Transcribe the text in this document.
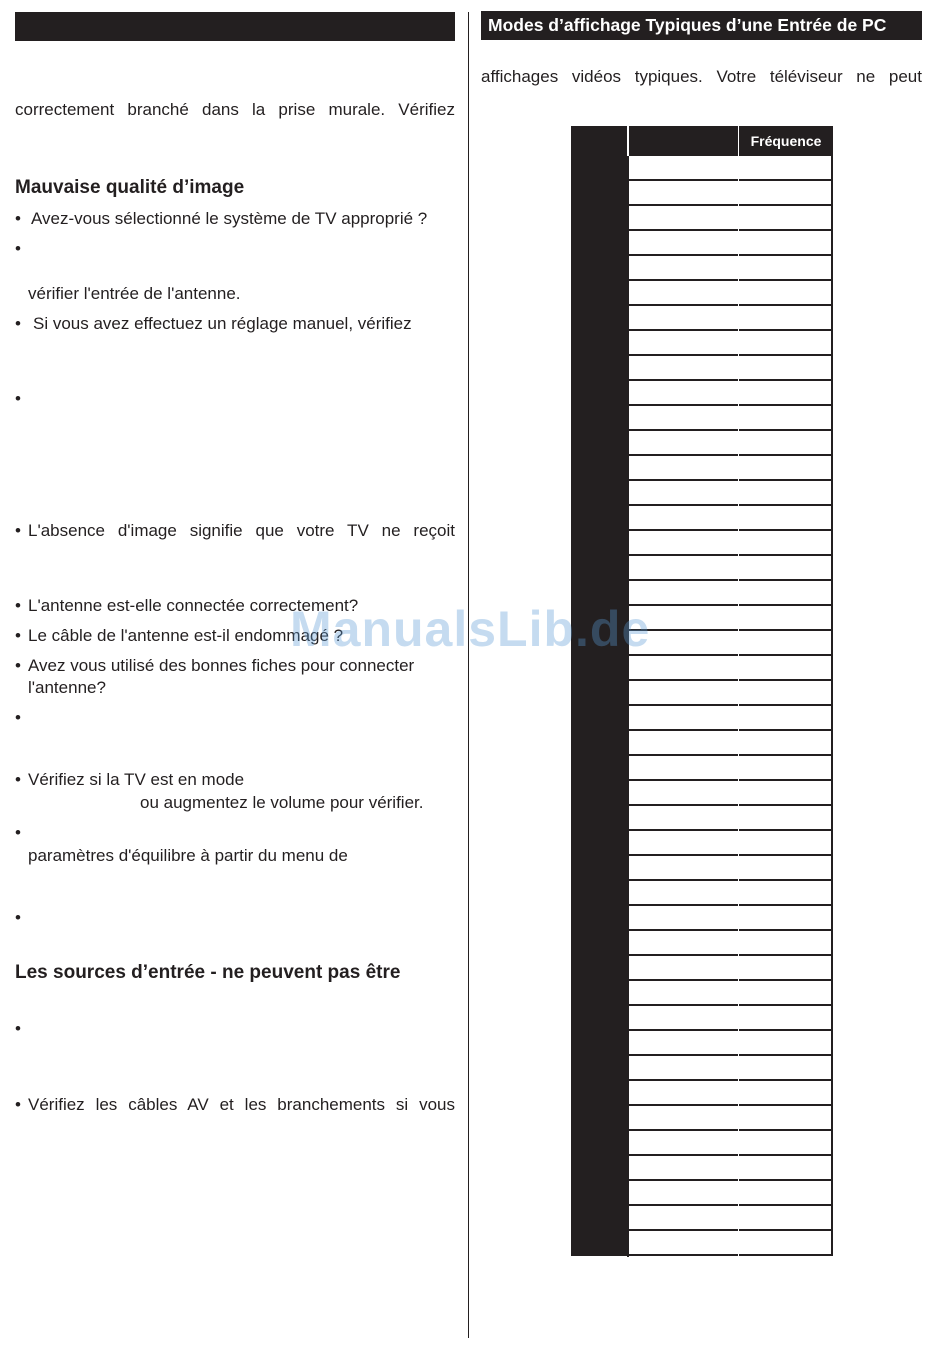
correctement branché dans la prise murale. Vérifiez
Mauvaise qualité d’image
• Avez-vous sélectionné le système de TV approprié ?
•
vérifier l'entrée de l'antenne.
• Si vous avez effectuez un réglage manuel, vérifiez
•
• L'absence d'image signifie que votre TV ne reçoit
• L'antenne est-elle connectée correctement?
• Le câble de l'antenne est-il endommagé ?
• Avez vous utilisé des bonnes fiches pour connecter
l'antenne?
•
• Vérifiez si la TV est en mode
ou augmentez le volume pour vérifier.
•
paramètres d'équilibre à partir du menu de
•
Les sources d’entrée - ne peuvent pas être
•
• Vérifiez les câbles AV et les branchements si vous
Modes d’affichage Typiques d’une Entrée de PC
affichages vidéos typiques. Votre téléviseur ne peut
Fréquence
ManualsLib.de
